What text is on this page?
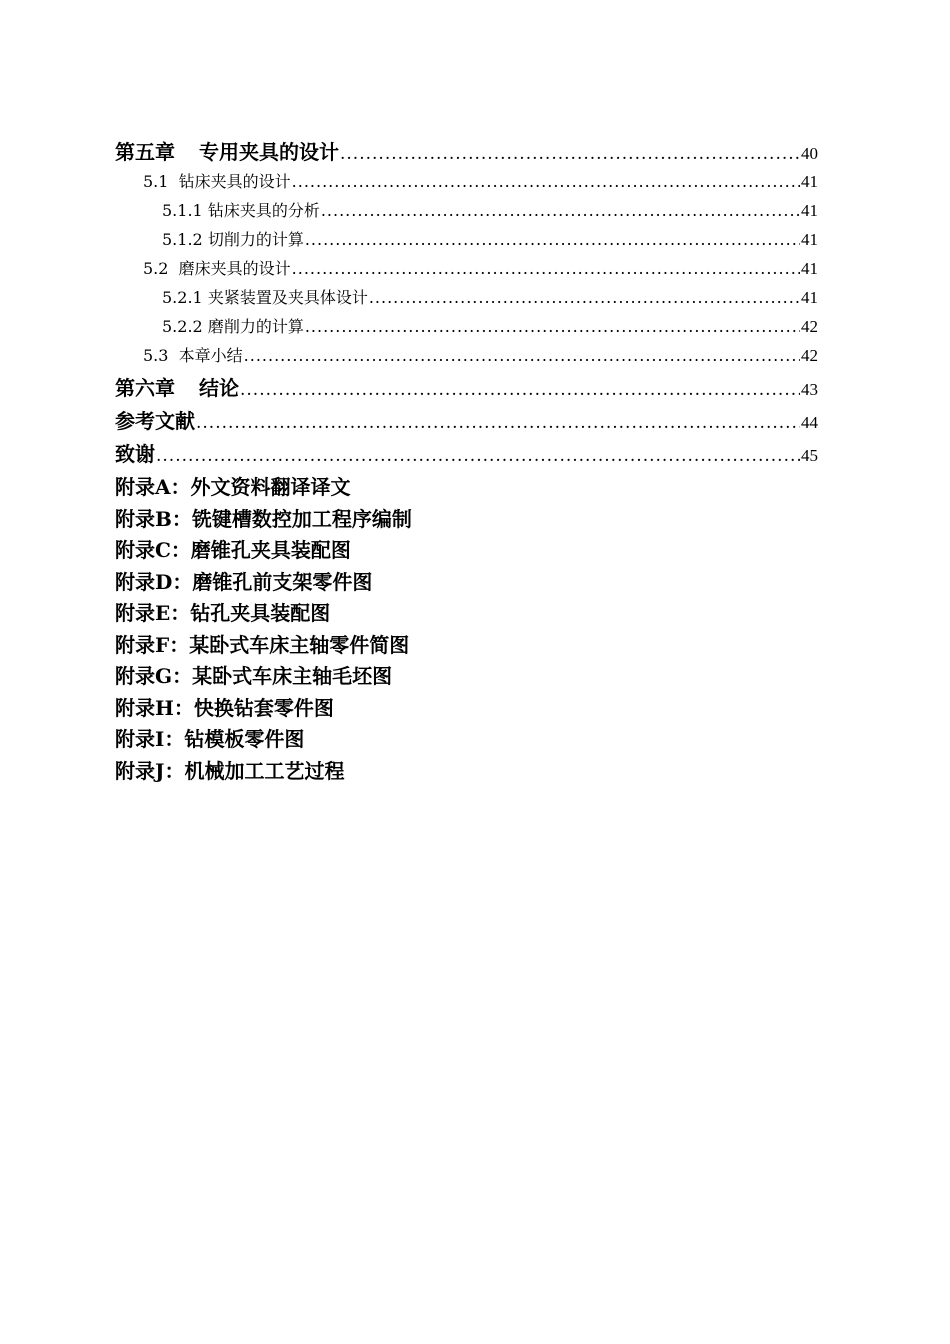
第五章 专用夹具的设计 .....	40
5.1 钻床夹具的设计 .....	41
5.1.1 钻床夹具的分析 .....	41
5.1.2 切削力的计算 .....	41
5.2 磨床夹具的设计 .....	41
5.2.1 夹紧装置及夹具体设计 .....	41
5.2.2 磨削力的计算 .....	42
5.3 本章小结 .....	42
第六章 结论 .....	43
参考文献 .....	44
致谢 .....	45
附录A：外文资料翻译译文
附录B：铣键槽数控加工程序编制
附录C：磨锥孔夹具装配图
附录D：磨锥孔前支架零件图
附录E：钻孔夹具装配图
附录F：某卧式车床主轴零件简图
附录G：某卧式车床主轴毛坯图
附录H：快换钻套零件图
附录I：钻模板零件图
附录J：机械加工工艺过程
